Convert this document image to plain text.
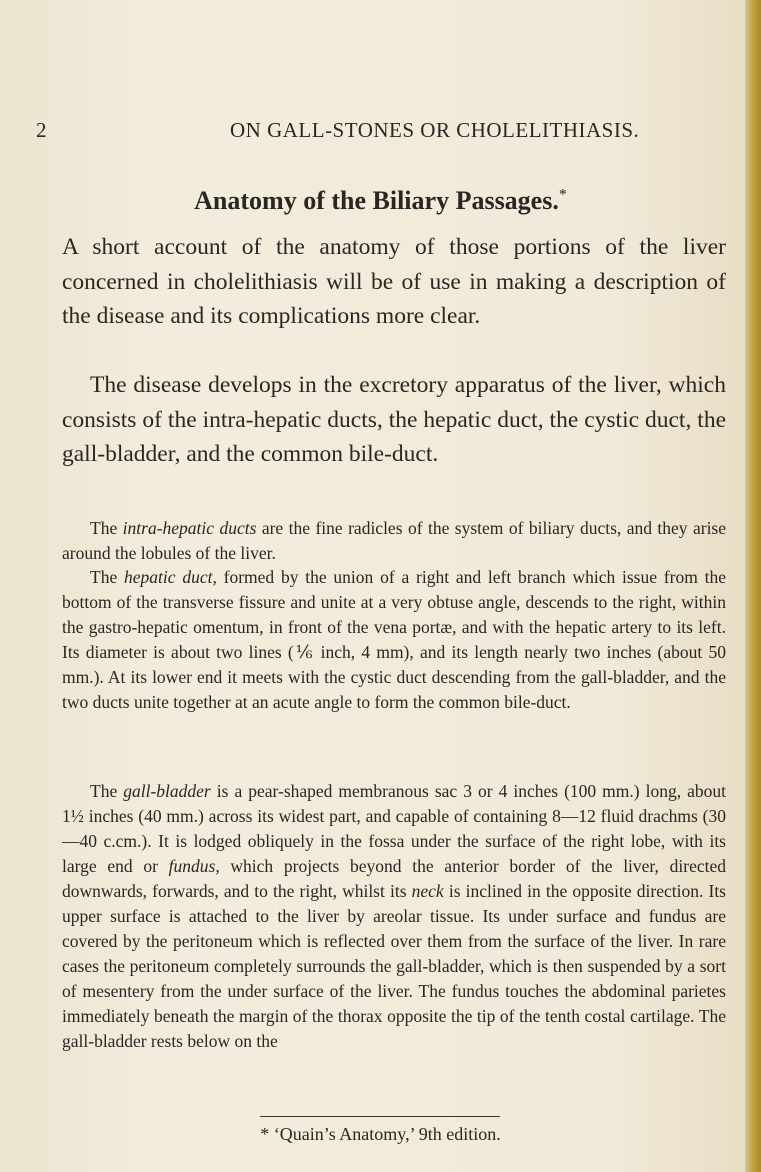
2	ON GALL-STONES OR CHOLELITHIASIS.
Anatomy of the Biliary Passages.*

A short account of the anatomy of those portions of the liver concerned in cholelithiasis will be of use in making a description of the disease and its complications more clear.

The disease develops in the excretory apparatus of the liver, which consists of the intra-hepatic ducts, the hepatic duct, the cystic duct, the gall-bladder, and the common bile-duct.

The intra-hepatic ducts are the fine radicles of the system of biliary ducts, and they arise around the lobules of the liver.

The hepatic duct, formed by the union of a right and left branch which issue from the bottom of the transverse fissure and unite at a very obtuse angle, descends to the right, within the gastro-hepatic omentum, in front of the vena portæ, and with the hepatic artery to its left. Its diameter is about two lines (⅙ inch, 4 mm), and its length nearly two inches (about 50 mm.). At its lower end it meets with the cystic duct descending from the gall-bladder, and the two ducts unite together at an acute angle to form the common bile-duct.

The gall-bladder is a pear-shaped membranous sac 3 or 4 inches (100 mm.) long, about 1½ inches (40 mm.) across its widest part, and capable of containing 8—12 fluid drachms (30—40 c.cm.). It is lodged obliquely in the fossa under the surface of the right lobe, with its large end or fundus, which projects beyond the anterior border of the liver, directed downwards, forwards, and to the right, whilst its neck is inclined in the opposite direction. Its upper surface is attached to the liver by areolar tissue. Its under surface and fundus are covered by the peritoneum which is reflected over them from the surface of the liver. In rare cases the peritoneum completely surrounds the gall-bladder, which is then suspended by a sort of mesentery from the under surface of the liver. The fundus touches the abdominal parietes immediately beneath the margin of the thorax opposite the tip of the tenth costal cartilage. The gall-bladder rests below on the

* ‘Quain’s Anatomy,’ 9th edition.
